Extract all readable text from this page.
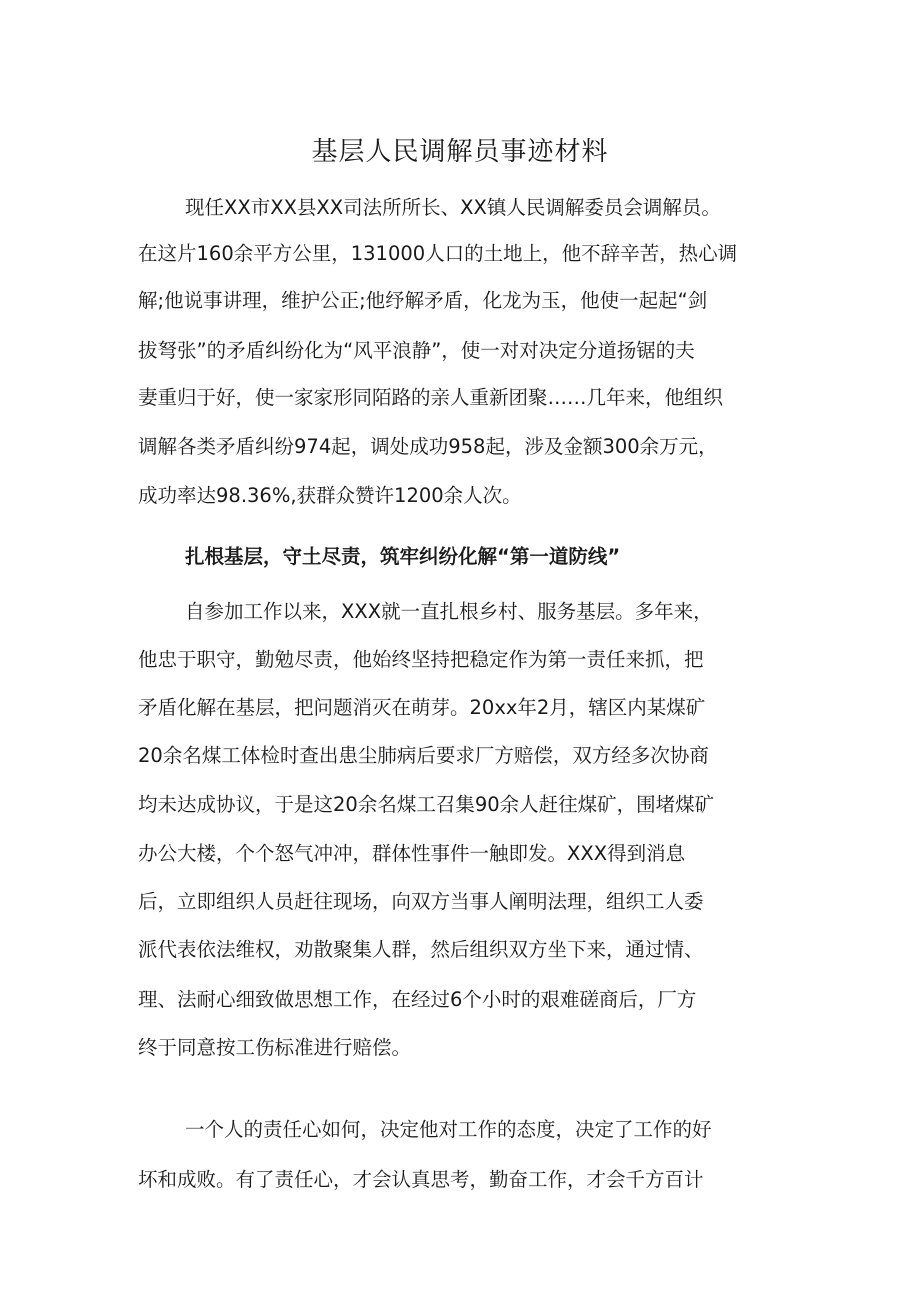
基层人民调解员事迹材料

现任XX市XX县XX司法所所长、XX镇人民调解委员会调解员。

在这片160余平方公里，131000人口的土地上，他不辞辛苦，热心调

解;他说事讲理，维护公正;他纾解矛盾，化龙为玉，他使一起起“剑

拔弩张”的矛盾纠纷化为“风平浪静”，使一对对决定分道扬锯的夫

妻重归于好，使一家家形同陌路的亲人重新团聚……几年来，他组织

调解各类矛盾纠纷974起，调处成功958起，涉及金额300余万元，

成功率达98.36%,获群众赞许1200余人次。

扎根基层，守土尽责，筑牢纠纷化解“第一道防线”

自参加工作以来，XXX就一直扎根乡村、服务基层。多年来，

他忠于职守，勤勉尽责，他始终坚持把稳定作为第一责任来抓，把

矛盾化解在基层，把问题消灭在萌芽。20xx年2月，辖区内某煤矿

20余名煤工体检时查出患尘肺病后要求厂方赔偿，双方经多次协商

均未达成协议，于是这20余名煤工召集90余人赶往煤矿，围堵煤矿

办公大楼，个个怒气冲冲，群体性事件一触即发。XXX得到消息

后，立即组织人员赶往现场，向双方当事人阐明法理，组织工人委

派代表依法维权，劝散聚集人群，然后组织双方坐下来，通过情、

理、法耐心细致做思想工作，在经过6个小时的艰难磋商后，厂方

终于同意按工伤标准进行赔偿。

一个人的责任心如何，决定他对工作的态度，决定了工作的好

坏和成败。有了责任心，才会认真思考，勤奋工作，才会千方百计
